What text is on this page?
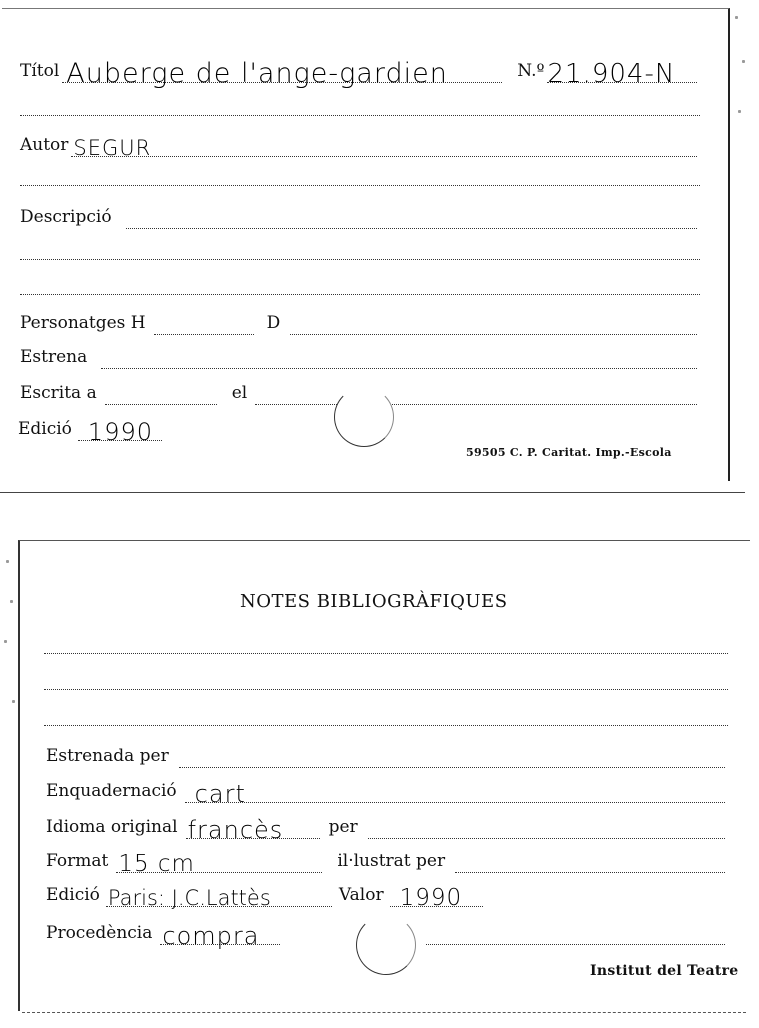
Títol Auberge de l'ange-gardien	N.º 21.904-N
Autor SEGUR
Descripció
Personatges H	D
Estrena
Escrita a	el
Edició 1990
59505 C. P. Caritat. Imp.-Escola
NOTES BIBLIOGRÀFIQUES
Estrenada per
Enquadernació cart
Idioma original francès	per
Format 15 cm	il·lustrat per
Edició Paris: J.C.Lattès	Valor 1990
Procedència compra
Institut del Teatre
